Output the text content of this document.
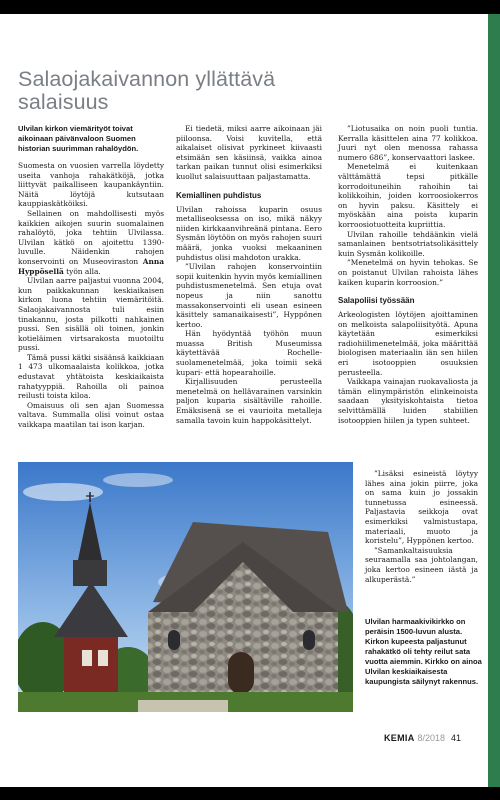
Salaojakaivannon yllättävä salaisuus

Ulvilan kirkon viemärityöt toivat aikoinaan päivänvaloon Suomen historian suurimman rahalöydön.

Suomesta on vuosien varrella löydetty useita vanhoja rahakätköjä, jotka liittyvät paikalliseen kaupankäyntiin. Näitä löytöjä kutsutaan kauppiaskätköiksi.

Sellainen on mahdollisesti myös kaikkien aikojen suurin suomalainen rahalöytö, joka tehtiin Ulvilassa. Ulvilan kätkö on ajoitettu 1390-luvulle. Näidenkin rahojen konservointi on Museoviraston Anna Hyppösellä työn alla.

Ulvilan aarre paljastui vuonna 2004, kun paikkakunnan keskiaikaisen kirkon luona tehtiin viemäritöitä. Salaojakaivannosta tuli esiin tinakannu, josta pilkotti nahkainen pussi. Sen sisällä oli toinen, jonkin kotieläimen virtsarakosta muotoiltu pussi.

Tämä pussi kätki sisäänsä kaikkiaan 1 473 ulkomaalaista kolikkoa, jotka edustavat yhtätoista keskiaikaista rahatyyppiä. Rahoilla oli painoa reilusti toista kiloa.

Omaisuus oli sen ajan Suomessa valtava. Summalla olisi voinut ostaa vaikkapa maatilan tai ison karjan.

Ei tiedetä, miksi aarre aikoinaan jäi piiloonsa. Voisi kuvitella, että aikalaiset olisivat pyrkineet kiivaasti etsimään sen käsiinsä, vaikka ainoa tarkan paikan tunnut olisi esimerkiksi kuollut salaisuuttaan paljastamatta.

Kemiallinen puhdistus

Ulvilan rahoissa kuparin osuus metalliseoksessa on iso, mikä näkyy niiden kirkkaanvihreänä pintana. Eero Sysmän löytöön on myös rahojen suuri määrä, jonka vuoksi mekaaninen puhdistus olisi mahdoton urakka.

”Ulvilan rahojen konservointiin sopii kuitenkin hyvin myös kemiallinen puhdistusmenetelmä. Sen etuja ovat nopeus ja niin sanottu massakonservointi eli usean esineen käsittely samanaikaisesti”, Hyppönen kertoo.

Hän hyödyntää työhön muun muassa British Museumissa käytettävää Rochelle-suolamenetelmää, joka toimii sekä kupari- että hopearahoille.

Kirjallisuuden perusteella menetelmä on hellävarainen varsinkin paljon kuparia sisältäville rahoille. Emäksisenä se ei vaurioita metalleja samalla tavoin kuin happokäsittelyt.

”Liotusaika on noin puoli tuntia. Kerralla käsittelen aina 77 kolikkoa. Juuri nyt olen menossa rahassa numero 686”, konservaattori laskee.

Menetelmä ei kuitenkaan välttämättä tepsi pitkälle korrodoituneihin rahoihin tai kolikkoihin, joiden korroosiokerros on hyvin paksu. Käsittely ei myöskään aina poista kuparin korroosiotuotteita kupriittia.

Ulvilan rahoille tehdäänkin vielä samanlainen bentsotriatsolikäsittely kuin Sysmän kolikoille.

”Menetelmä on hyvin tehokas. Se on poistanut Ulvilan rahoista lähes kaiken kuparin korroosion.”

Salapoliisi työssään

Arkeologisten löytöjen ajoittaminen on melkoista salapoliisityötä. Apuna käytetään esimerkiksi radiohiilimenetelmää, joka määrittää biologisen materiaalin iän sen hiilen eri isotooppien osuuksien perusteella.

Vaikkapa vainajan ruokavaliosta ja tämän elinympäristön elinkeinoista saadaan yksityiskohtaista tietoa selvittämällä luiden stabiilien isotooppien hiilen ja typen suhteet.

”Lisäksi esineistä löytyy lähes aina jokin piirre, joka on sama kuin jo jossakin tunnetussa esineessä. Paljastavia seikkoja ovat esimerkiksi valmistustapa, materiaali, muoto ja koristelu”, Hyppönen kertoo.

”Samankaltaisuuksia seuraamalla saa johtolangan, joka kertoo esineen iästä ja alkuperästä.”

Ulvilan harmaakivikirkko on peräisin 1500-luvun alusta. Kirkon kupeesta paljastunut rahakätkö oli tehty reilut sata vuotta aiemmin. Kirkko on ainoa Ulvilan keskiaikaisesta kaupungista säilynyt rakennus.

KEMIA 8/2018 41
